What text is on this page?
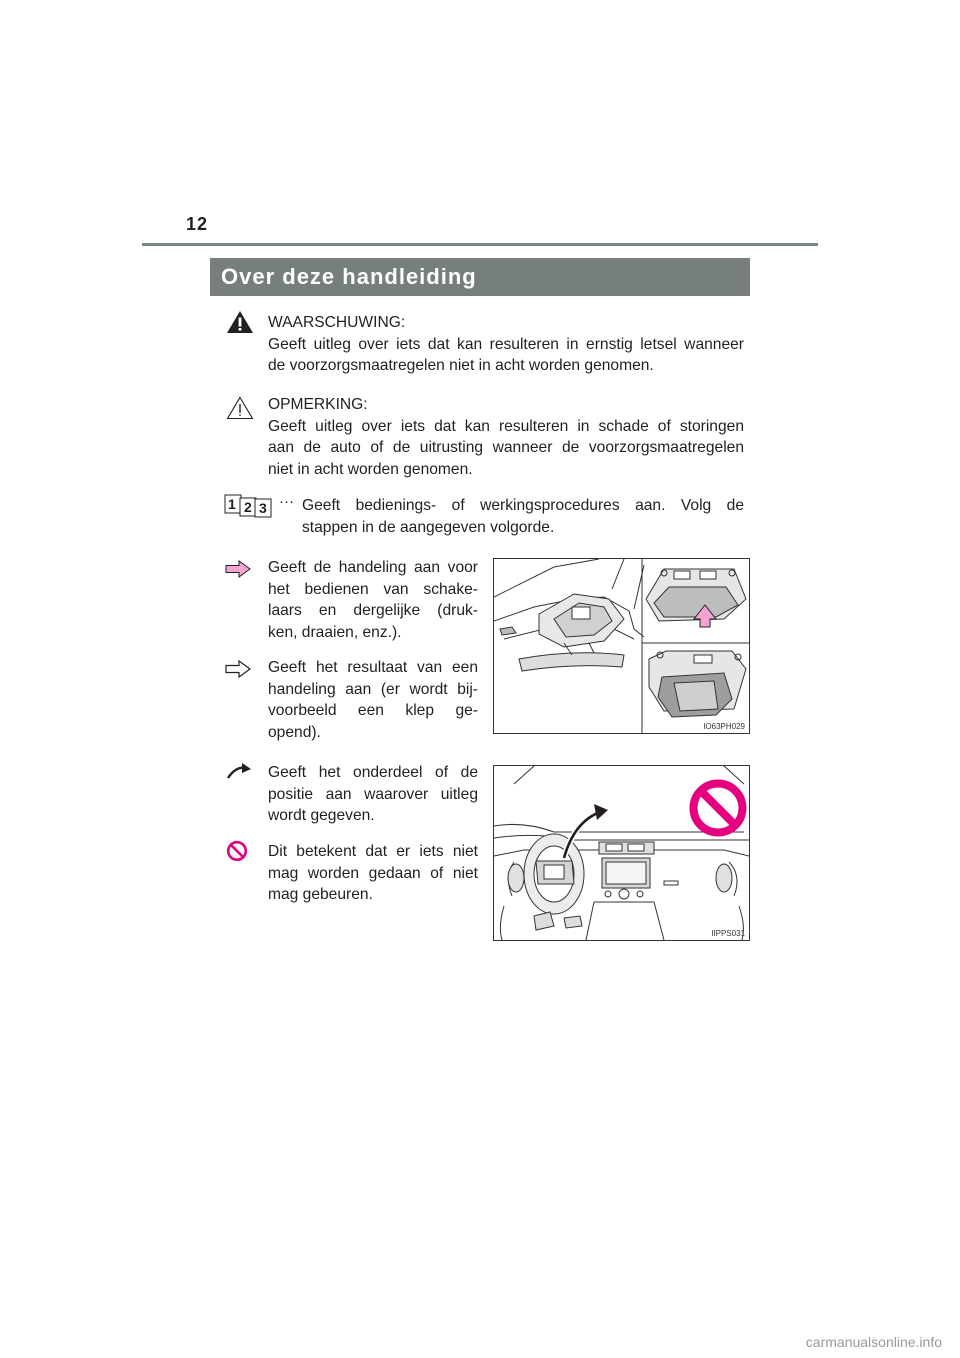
12
Over deze handleiding
WAARSCHUWING:
Geeft uitleg over iets dat kan resulteren in ernstig letsel wanneer
de voorzorgsmaatregelen niet in acht worden genomen.
OPMERKING:
Geeft uitleg over iets dat kan resulteren in schade of storingen
aan de auto of de uitrusting wanneer de voorzorgsmaatregelen
niet in acht worden genomen.
1 2 3 ··· Geeft bedienings- of werkingsprocedures aan. Volg de
stappen in de aangegeven volgorde.
Geeft de handeling aan voor
het bedienen van schake-
laars en dergelijke (druk-
ken, draaien, enz.).
Geeft het resultaat van een
handeling aan (er wordt bij-
voorbeeld een klep ge-
opend).
Geeft het onderdeel of de
positie aan waarover uitleg
wordt gegeven.
Dit betekent dat er iets niet
mag worden gedaan of niet
mag gebeuren.
IO63PH029
IIPPS031
carmanualsonline.info
